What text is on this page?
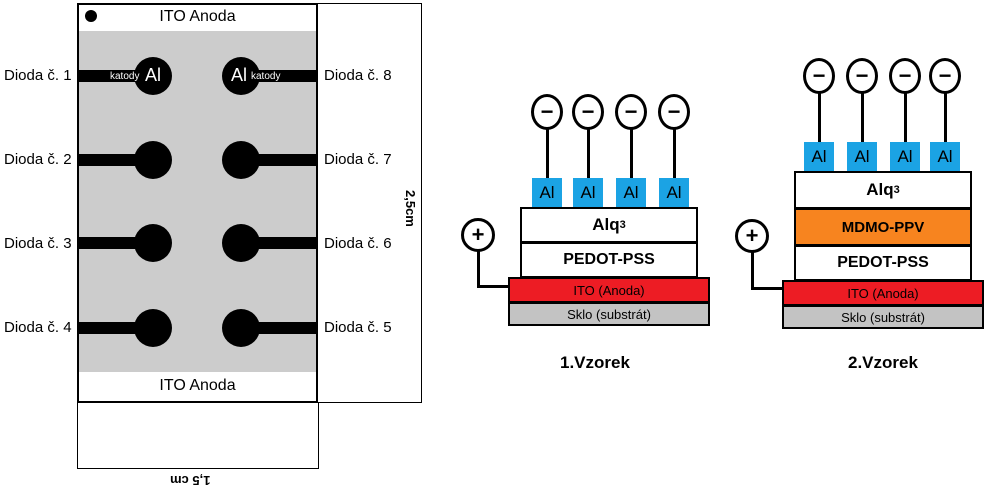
ITO Anoda
ITO Anoda
Dioda č. 1
Dioda č. 2
Dioda č. 3
Dioda č. 4
katody Al	Dioda č. 8
Dioda č. 7
Dioda č. 6
Dioda č. 5
Al katody
2,5cm
1,5 cm
− − − −
Al	Al	Al	Al
Alq 3
PEDOT-PSS
ITO (Anoda)
Sklo (substrát)
+
1.Vzorek
− − − −
Al	Al	Al	Al
Alq 3
MDMO-PPV
PEDOT-PSS
ITO (Anoda)
Sklo (substrát)
+
2.Vzorek
